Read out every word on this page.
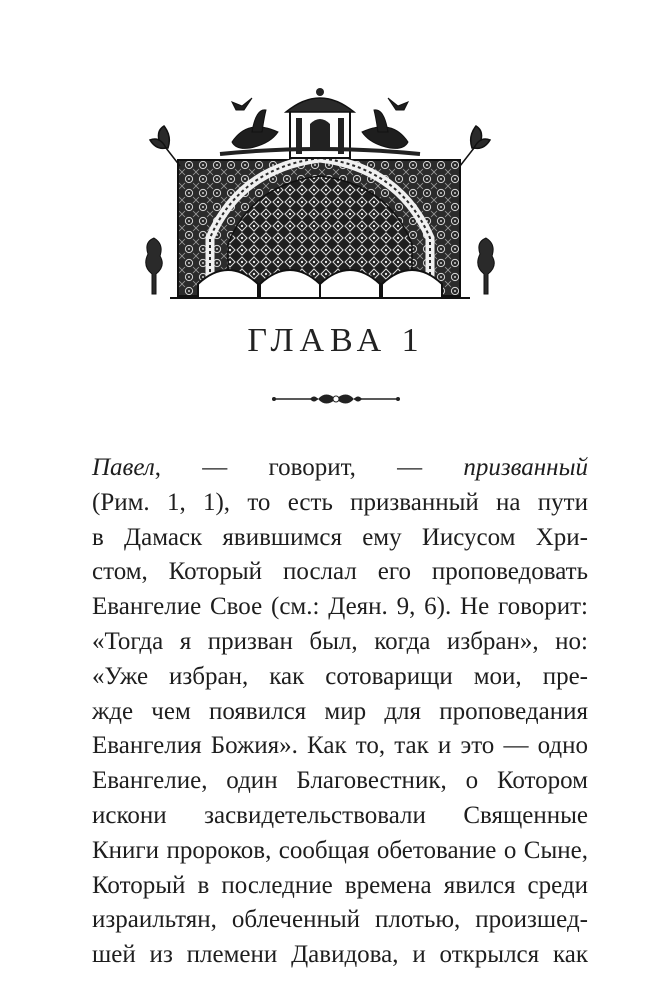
ГЛАВА 1
Павел, — говорит, — призванный
(Рим. 1, 1), то есть призванный на пути
в Дамаск явившимся ему Иисусом Хри-
стом, Который послал его проповедовать
Евангелие Свое (см.: Деян. 9, 6). Не говорит:
«Тогда я призван был, когда избран», но:
«Уже избран, как сотоварищи мои, пре-
жде чем появился мир для проповедания
Евангелия Божия». Как то, так и это — одно
Евангелие, один Благовестник, о Котором
искони засвидетельствовали Священные
Книги пророков, сообщая обетование о Сыне,
Который в последние времена явился среди
израильтян, облеченный плотью, произшед-
шей из племени Давидова, и открылся как
